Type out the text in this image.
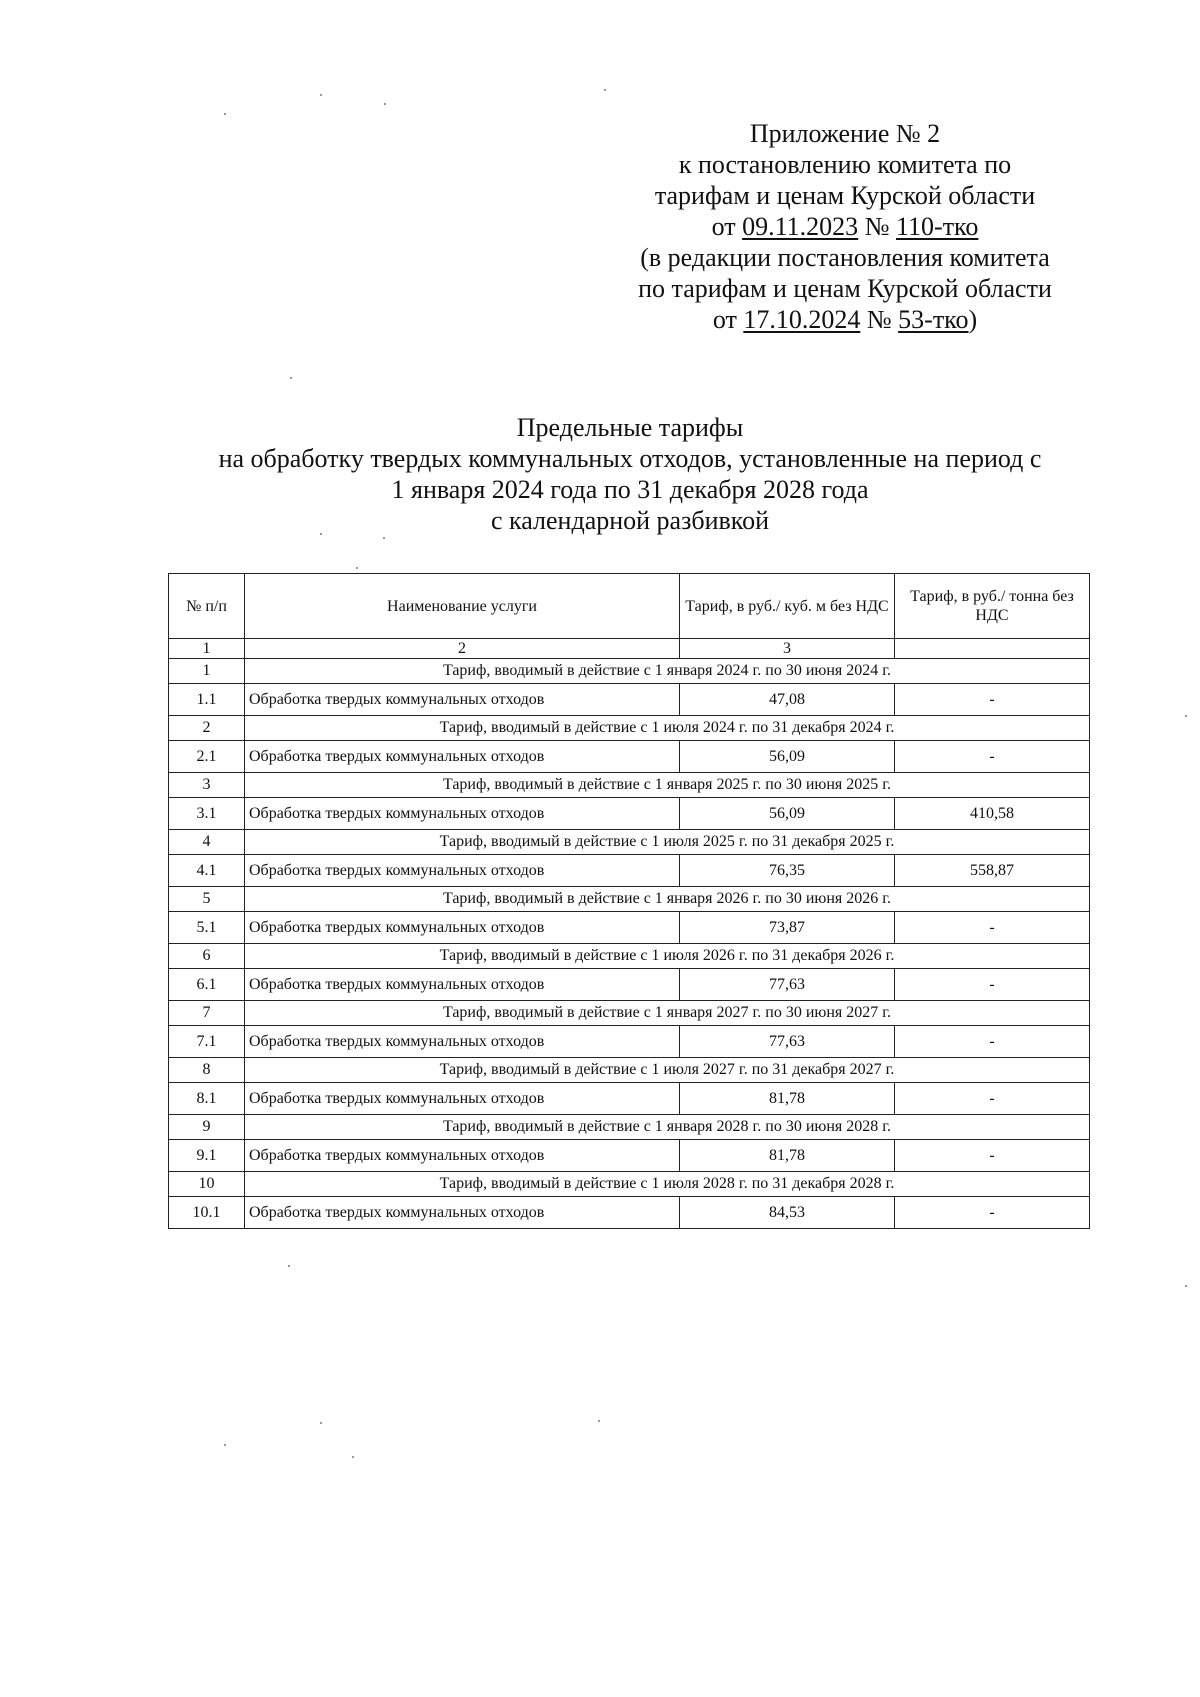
Приложение № 2
к постановлению комитета по
тарифам и ценам Курской области
от 09.11.2023 № 110-тко
(в редакции постановления комитета
по тарифам и ценам Курской области
от 17.10.2024 № 53-тко)
Предельные тарифы
на обработку твердых коммунальных отходов, установленные на период с
1 января 2024 года по 31 декабря 2028 года
с календарной разбивкой
№ п/п	Наименование услуги	Тариф, в руб./ куб. м без НДС	Тариф, в руб./ тонна без НДС
1	2	3	
1	Тариф, вводимый в действие с 1 января 2024 г. по 30 июня 2024 г.		
1.1	Обработка твердых коммунальных отходов	47,08	-
2	Тариф, вводимый в действие с 1 июля 2024 г. по 31 декабря 2024 г.		
2.1	Обработка твердых коммунальных отходов	56,09	-
3	Тариф, вводимый в действие с 1 января 2025 г. по 30 июня 2025 г.		
3.1	Обработка твердых коммунальных отходов	56,09	410,58
4	Тариф, вводимый в действие с 1 июля 2025 г. по 31 декабря 2025 г.		
4.1	Обработка твердых коммунальных отходов	76,35	558,87
5	Тариф, вводимый в действие с 1 января 2026 г. по 30 июня 2026 г.		
5.1	Обработка твердых коммунальных отходов	73,87	-
6	Тариф, вводимый в действие с 1 июля 2026 г. по 31 декабря 2026 г.		
6.1	Обработка твердых коммунальных отходов	77,63	-
7	Тариф, вводимый в действие с 1 января 2027 г. по 30 июня 2027 г.		
7.1	Обработка твердых коммунальных отходов	77,63	-
8	Тариф, вводимый в действие с 1 июля 2027 г. по 31 декабря 2027 г.		
8.1	Обработка твердых коммунальных отходов	81,78	-
9	Тариф, вводимый в действие с 1 января 2028 г. по 30 июня 2028 г.		
9.1	Обработка твердых коммунальных отходов	81,78	-
10	Тариф, вводимый в действие с 1 июля 2028 г. по 31 декабря 2028 г.		
10.1	Обработка твердых коммунальных отходов	84,53	-
